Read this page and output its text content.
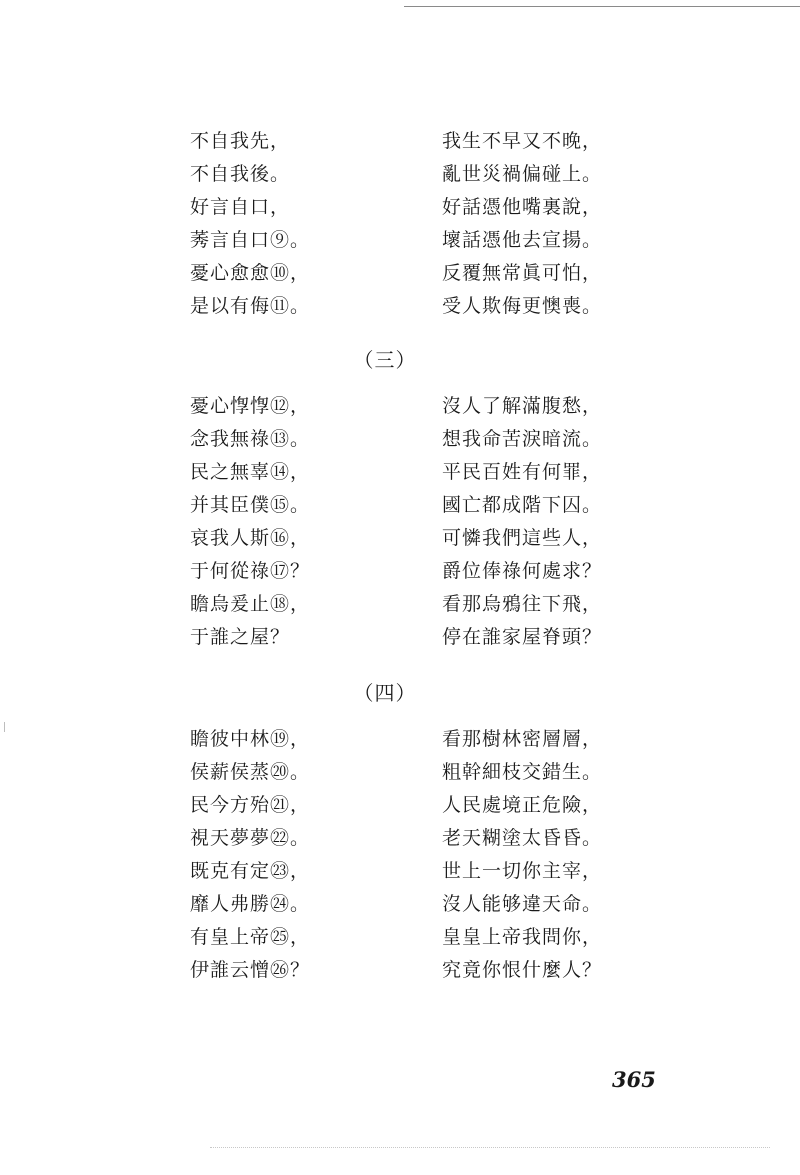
不自我先，	我生不早又不晚，
不自我後。	亂世災禍偏碰上。
好言自口，	好話憑他嘴裏說，
莠言自口⑨。	壞話憑他去宣揚。
憂心愈愈⑩，	反覆無常眞可怕，
是以有侮⑪。	受人欺侮更懊喪。
（三）
憂心惸惸⑫，	沒人了解滿腹愁，
念我無祿⑬。	想我命苦淚暗流。
民之無辜⑭，	平民百姓有何罪，
并其臣僕⑮。	國亡都成階下囚。
哀我人斯⑯，	可憐我們這些人，
于何從祿⑰？	爵位俸祿何處求？
瞻烏爰止⑱，	看那烏鴉往下飛，
于誰之屋？	停在誰家屋脊頭？
（四）
瞻彼中林⑲，	看那樹林密層層，
侯薪侯蒸⑳。	粗幹細枝交錯生。
民今方殆㉑，	人民處境正危險，
視天夢夢㉒。	老天糊塗太昏昏。
既克有定㉓，	世上一切你主宰，
靡人弗勝㉔。	沒人能够違天命。
有皇上帝㉕，	皇皇上帝我問你，
伊誰云憎㉖？	究竟你恨什麼人？
365
